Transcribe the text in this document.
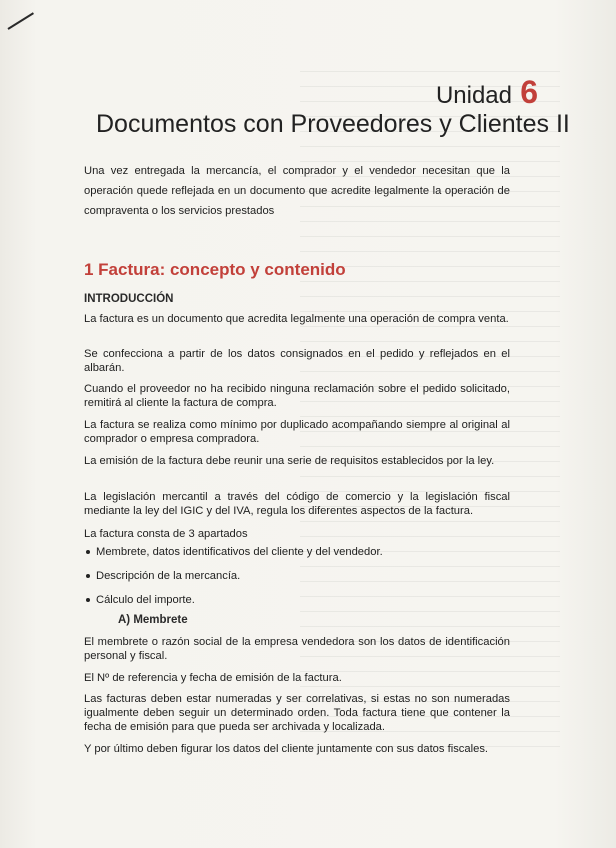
Unidad 6
Documentos con Proveedores y Clientes II
Una vez entregada la mercancía, el comprador y el vendedor necesitan que la operación quede reflejada en un documento que acredite legalmente la operación de compraventa o los servicios prestados
1 Factura: concepto y contenido
INTRODUCCIÓN
La factura es un documento que acredita legalmente una operación de compra venta.
Se confecciona a partir de los datos consignados en el pedido y reflejados en el albarán.
Cuando el proveedor no ha recibido ninguna reclamación sobre el pedido solicitado, remitirá al cliente la factura de compra.
La factura se realiza como mínimo por duplicado acompañando siempre al original al comprador o empresa compradora.
La emisión de la factura debe reunir una serie de requisitos establecidos por la ley.
La legislación mercantil a través del código de comercio y la legislación fiscal mediante la ley del IGIC y del IVA, regula los diferentes aspectos de la factura.
La factura consta de 3 apartados
Membrete, datos identificativos del cliente y del vendedor.
Descripción de la mercancía.
Cálculo del importe.
A) Membrete
El membrete o razón social de la empresa vendedora son los datos de identificación personal y fiscal.
El Nº de referencia y fecha de emisión de la factura.
Las facturas deben estar numeradas y ser correlativas, si estas no son numeradas igualmente deben seguir un determinado orden. Toda factura tiene que contener la fecha de emisión para que pueda ser archivada y localizada.
Y por último deben figurar los datos del cliente juntamente con sus datos fiscales.
